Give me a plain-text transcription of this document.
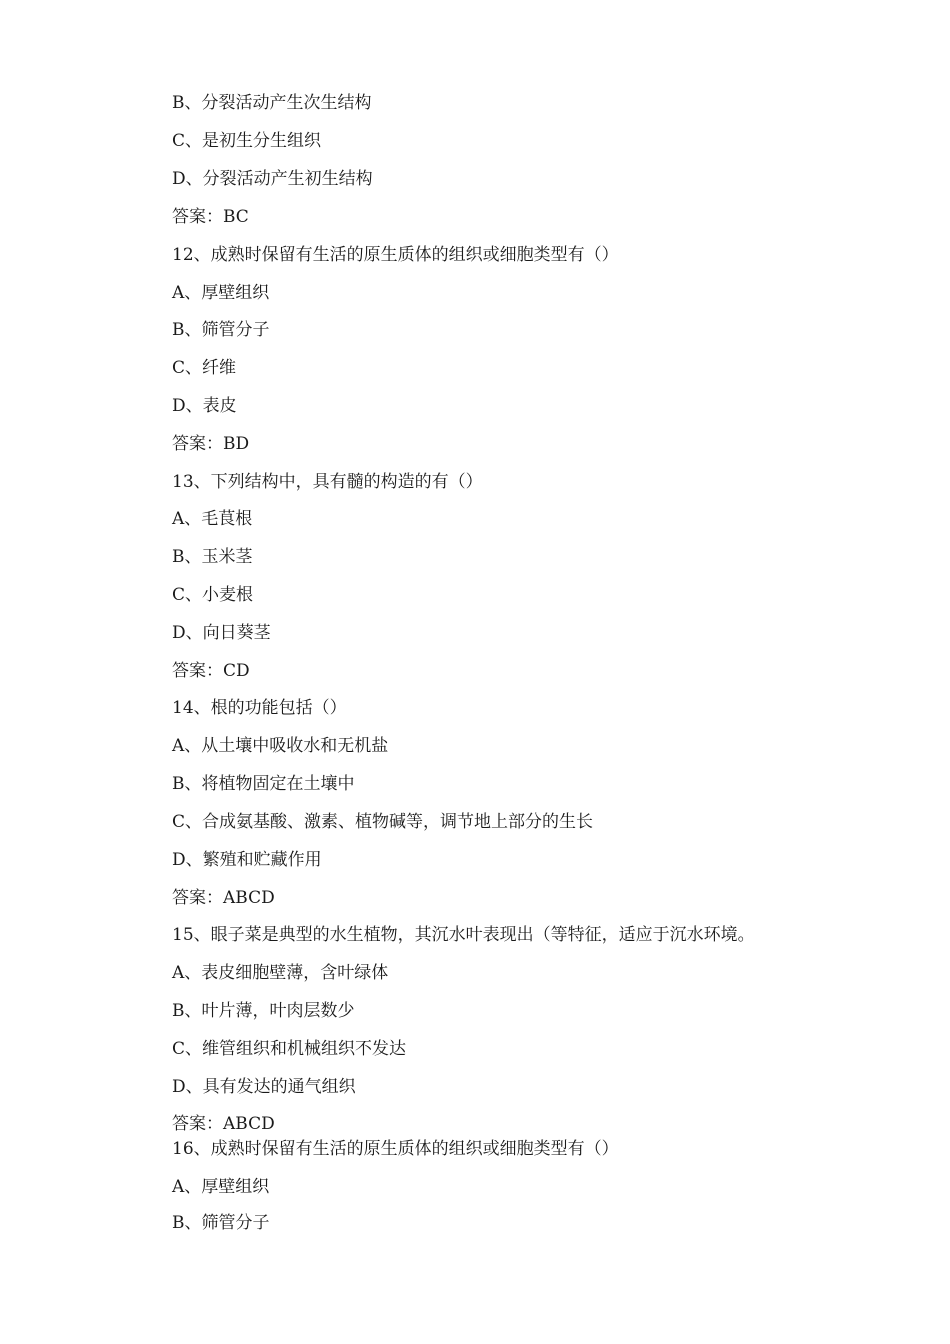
B、分裂活动产生次生结构
C、是初生分生组织
D、分裂活动产生初生结构
答案：BC
12、成熟时保留有生活的原生质体的组织或细胞类型有（）
A、厚壁组织
B、筛管分子
C、纤维
D、表皮
答案：BD
13、下列结构中，具有髓的构造的有（）
A、毛茛根
B、玉米茎
C、小麦根
D、向日葵茎
答案：CD
14、根的功能包括（）
A、从土壤中吸收水和无机盐
B、将植物固定在土壤中
C、合成氨基酸、激素、植物碱等，调节地上部分的生长
D、繁殖和贮藏作用
答案：ABCD
15、眼子菜是典型的水生植物，其沉水叶表现出（等特征，适应于沉水环境。
A、表皮细胞壁薄，含叶绿体
B、叶片薄，叶肉层数少
C、维管组织和机械组织不发达
D、具有发达的通气组织
答案：ABCD
16、成熟时保留有生活的原生质体的组织或细胞类型有（）
A、厚壁组织
B、筛管分子
